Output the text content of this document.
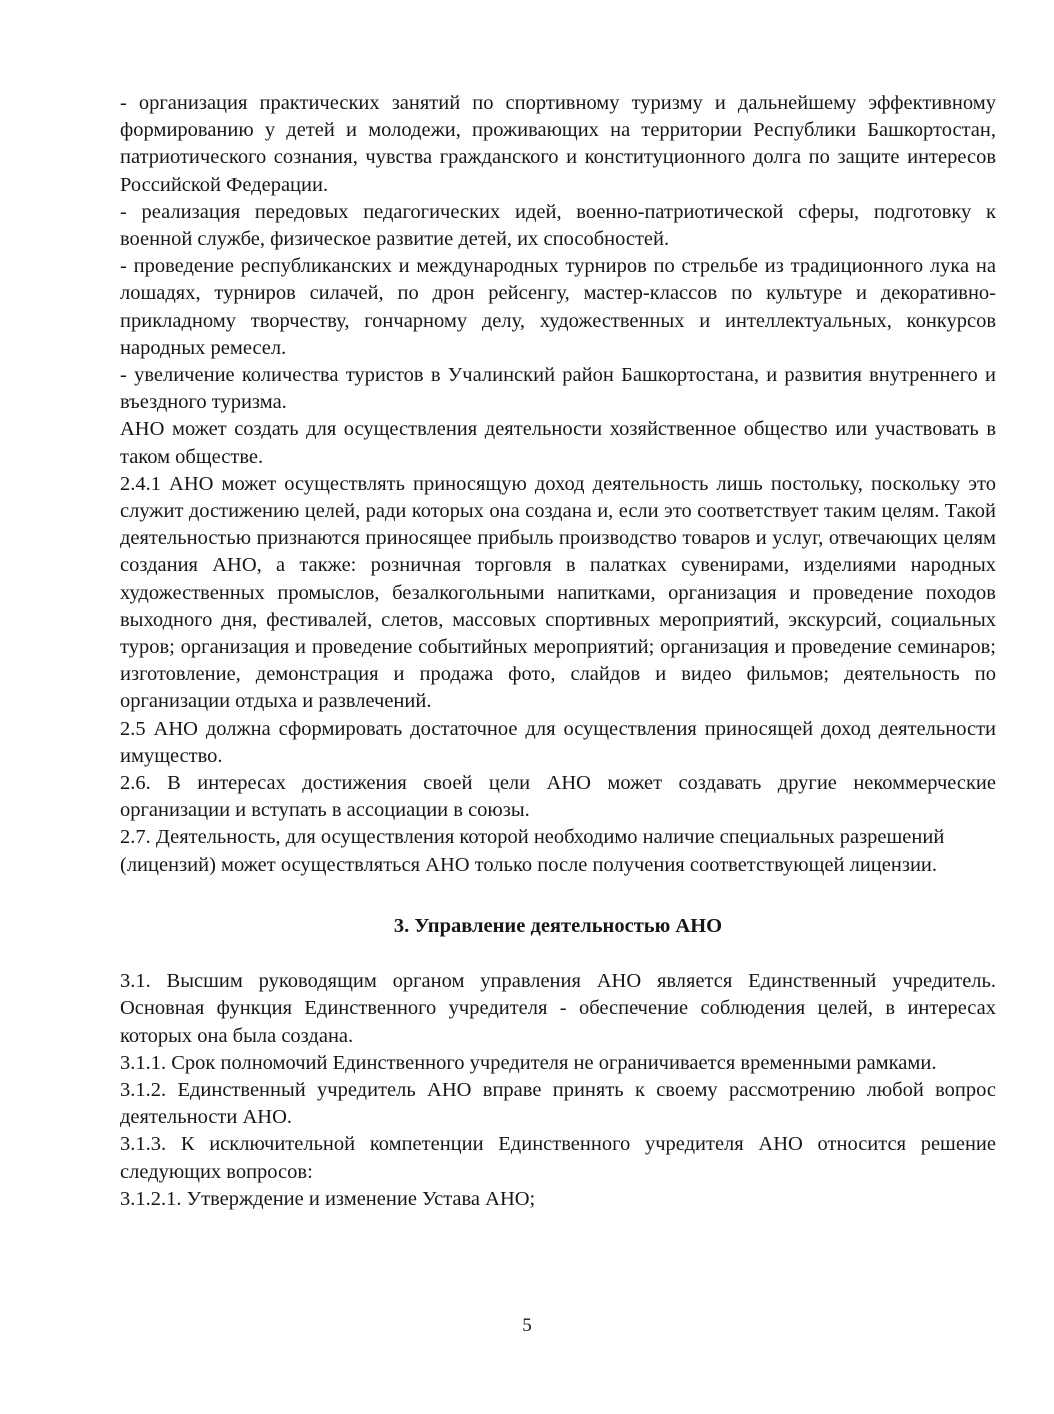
- организация практических занятий по спортивному туризму и дальнейшему эффективному формированию у детей и молодежи, проживающих на территории Республики Башкортостан, патриотического сознания, чувства гражданского и конституционного долга по защите интересов Российской Федерации.

- реализация передовых педагогических идей, военно-патриотической сферы, подготовку к военной службе, физическое развитие детей, их способностей.

- проведение республиканских и международных турниров по стрельбе из традиционного лука на лошадях, турниров силачей, по дрон рейсенгу, мастер-классов по культуре и декоративно-прикладному творчеству, гончарному делу, художественных и интеллектуальных, конкурсов народных ремесел.

- увеличение количества туристов в Учалинский район Башкортостана, и развития внутреннего и въездного туризма.

АНО может создать для осуществления деятельности хозяйственное общество или участвовать в таком обществе.

2.4.1 АНО может осуществлять приносящую доход деятельность лишь постольку, поскольку это служит достижению целей, ради которых она создана и, если это соответствует таким целям. Такой деятельностью признаются приносящее прибыль производство товаров и услуг, отвечающих целям создания АНО, а также: розничная торговля в палатках сувенирами, изделиями народных художественных промыслов, безалкогольными напитками, организация и проведение походов выходного дня, фестивалей, слетов, массовых спортивных мероприятий, экскурсий, социальных туров; организация и проведение событийных мероприятий; организация и проведение семинаров; изготовление, демонстрация и продажа фото, слайдов и видео фильмов; деятельность по организации отдыха и развлечений.

2.5 АНО должна сформировать достаточное для осуществления приносящей доход деятельности имущество.

2.6. В интересах достижения своей цели АНО может создавать другие некоммерческие организации и вступать в ассоциации в союзы.

2.7. Деятельность, для осуществления которой необходимо наличие специальных разрешений (лицензий) может осуществляться АНО только после получения соответствующей лицензии.

3. Управление деятельностью АНО

3.1. Высшим руководящим органом управления АНО является Единственный учредитель. Основная функция Единственного учредителя - обеспечение соблюдения целей, в интересах которых она была создана.

3.1.1. Срок полномочий Единственного учредителя не ограничивается временными рамками.

3.1.2. Единственный учредитель АНО вправе принять к своему рассмотрению любой вопрос деятельности АНО.

3.1.3. К исключительной компетенции Единственного учредителя АНО относится решение следующих вопросов:

3.1.2.1. Утверждение и изменение Устава АНО;

5
